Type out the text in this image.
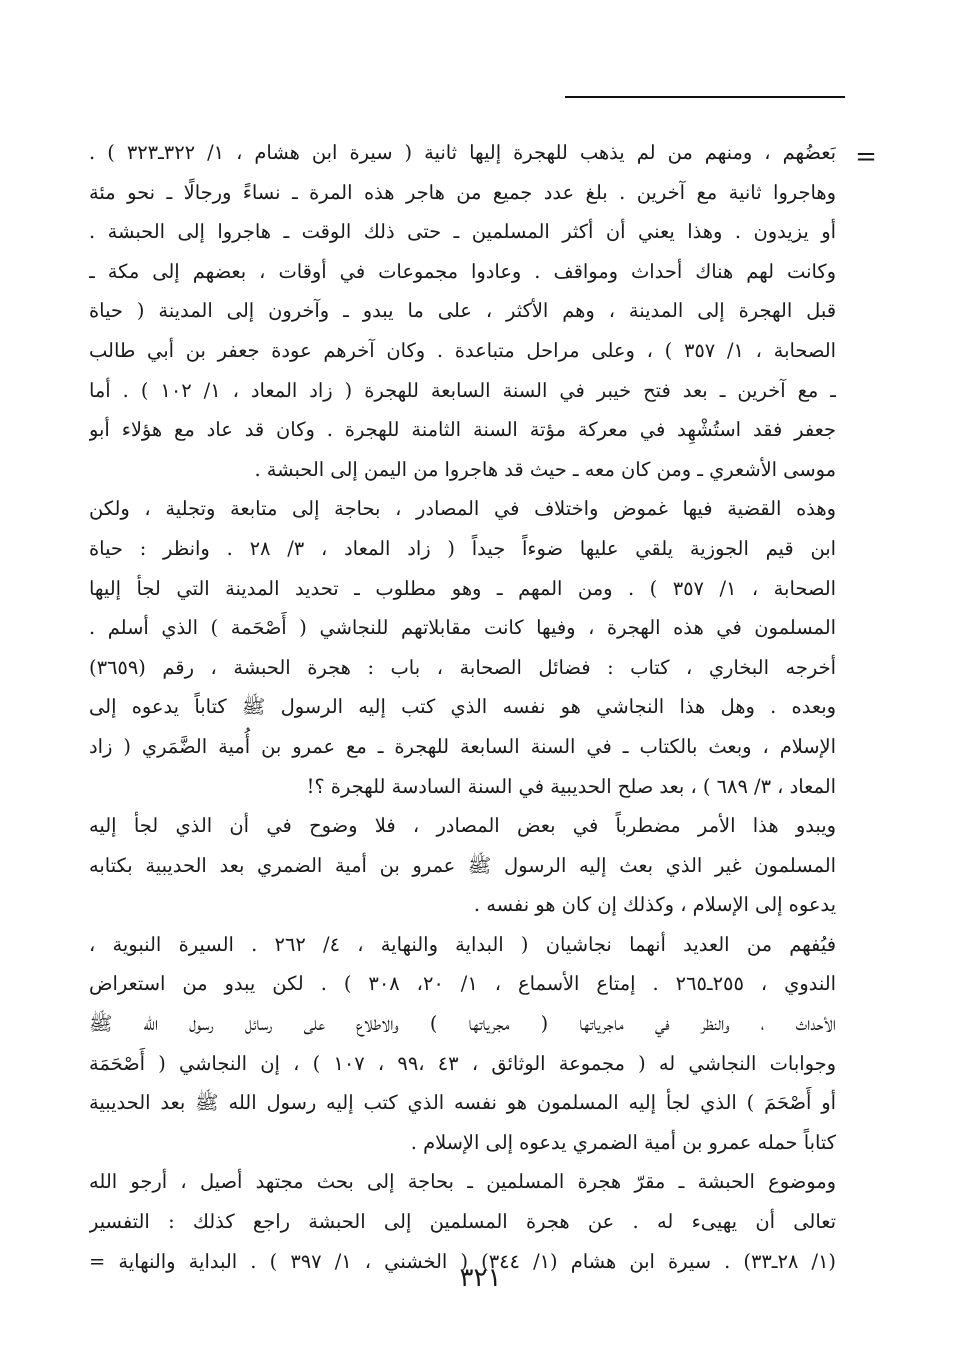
=
بَعضُهم ، ومنهم من لم يذهب للهجرة إليها ثانية ( سيرة ابن هشام ، ١/ ٣٢٢ـ٣٢٣ ) .
وهاجروا ثانية مع آخرين . بلغ عدد جميع من هاجر هذه المرة ـ نساءً ورجالًا ـ نحو مئة
أو يزيدون . وهذا يعني أن أكثر المسلمين ـ حتى ذلك الوقت ـ هاجروا إلى الحبشة .
وكانت لهم هناك أحداث ومواقف . وعادوا مجموعات في أوقات ، بعضهم إلى مكة ـ
قبل الهجرة إلى المدينة ، وهم الأكثر ، على ما يبدو ـ وآخرون إلى المدينة ( حياة
الصحابة ، ١/ ٣٥٧ ) ، وعلى مراحل متباعدة . وكان آخرهم عودة جعفر بن أبي طالب
ـ مع آخرين ـ بعد فتح خيبر في السنة السابعة للهجرة ( زاد المعاد ، ١/ ١٠٢ ) . أما
جعفر فقد استُشْهِد في معركة مؤتة السنة الثامنة للهجرة . وكان قد عاد مع هؤلاء أبو
موسى الأشعري ـ ومن كان معه ـ حيث قد هاجروا من اليمن إلى الحبشة .
وهذه القضية فيها غموض واختلاف في المصادر ، بحاجة إلى متابعة وتجلية ، ولكن
ابن قيم الجوزية يلقي عليها ضوءاً جيداً ( زاد المعاد ، ٣/ ٢٨ . وانظر : حياة
الصحابة ، ١/ ٣٥٧ ) . ومن المهم ـ وهو مطلوب ـ تحديد المدينة التي لجأ إليها
المسلمون في هذه الهجرة ، وفيها كانت مقابلاتهم للنجاشي ( أَصْحَمة ) الذي أسلم .
أخرجه البخاري ، كتاب : فضائل الصحابة ، باب : هجرة الحبشة ، رقم (٣٦٥٩)
وبعده . وهل هذا النجاشي هو نفسه الذي كتب إليه الرسول ﷺ كتاباً يدعوه إلى
الإسلام ، وبعث بالكتاب ـ في السنة السابعة للهجرة ـ مع عمرو بن أُمية الضَّمَري ( زاد
المعاد ، ٣/ ٦٨٩ ) ، بعد صلح الحديبية في السنة السادسة للهجرة ؟!
ويبدو هذا الأمر مضطرباً في بعض المصادر ، فلا وضوح في أن الذي لجأ إليه
المسلمون غير الذي بعث إليه الرسول ﷺ عمرو بن أمية الضمري بعد الحديبية بكتابه
يدعوه إلى الإسلام ، وكذلك إن كان هو نفسه .
فيُفهم من العديد أنهما نجاشيان ( البداية والنهاية ، ٤/ ٢٦٢ . السيرة النبوية ،
الندوي ، ٢٥٥ـ٢٦٥ . إمتاع الأسماع ، ١/ ٢٠، ٣٠٨ ) . لكن يبدو من استعراض
الأحداث ، والنظر في ماجرياتها ( مجرياتها ) والاطلاع على رسائل رسول الله ﷺ
وجوابات النجاشي له ( مجموعة الوثائق ، ٤٣ ،٩٩ ، ١٠٧ ) ، إن النجاشي ( أَصْحَمَة
أو أَصْحَمَ ) الذي لجأ إليه المسلمون هو نفسه الذي كتب إليه رسول الله ﷺ بعد الحديبية
كتاباً حمله عمرو بن أمية الضمري يدعوه إلى الإسلام .
وموضوع الحبشة ـ مقرّ هجرة المسلمين ـ بحاجة إلى بحث مجتهد أصيل ، أرجو الله
تعالى أن يهيىء له . عن هجرة المسلمين إلى الحبشة راجع كذلك : التفسير
(١/ ٢٨ـ٣٣) . سيرة ابن هشام (١/ ٣٤٤) ( الخشني ، ١/ ٣٩٧ ) . البداية والنهاية =
٣٢١
